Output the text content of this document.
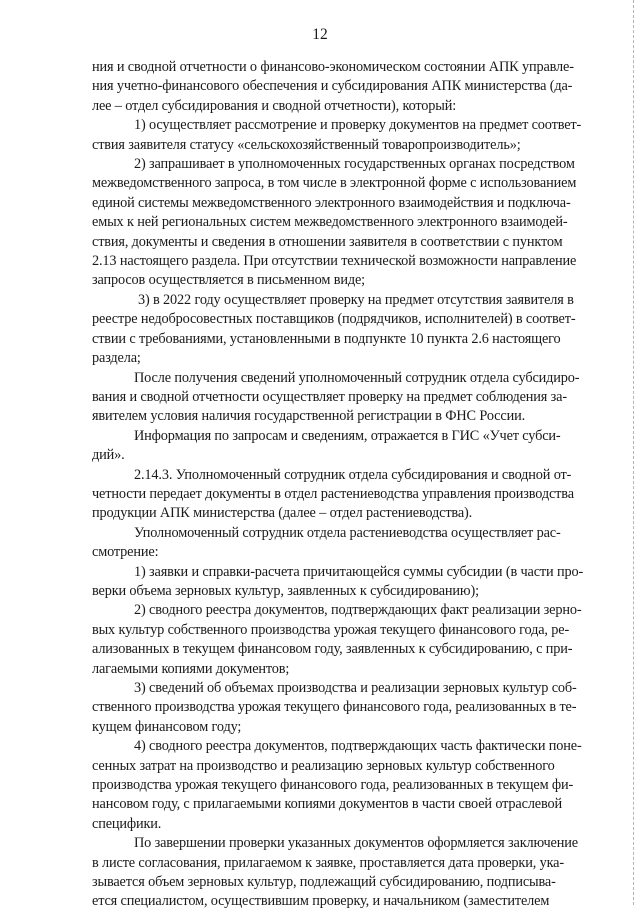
12
ния и сводной отчетности о финансово-экономическом состоянии АПК управле-
ния учетно-финансового обеспечения и субсидирования АПК министерства (да-
лее – отдел субсидирования и сводной отчетности), который:
1) осуществляет рассмотрение и проверку документов на предмет соответ-
ствия заявителя статусу «сельскохозяйственный товаропроизводитель»;
2) запрашивает в уполномоченных государственных органах посредством
межведомственного запроса, в том числе в электронной форме с использованием
единой системы межведомственного электронного взаимодействия и подключа-
емых к ней региональных систем межведомственного электронного взаимодей-
ствия, документы и сведения в отношении заявителя в соответствии с пунктом
2.13 настоящего раздела. При отсутствии технической возможности направление
запросов осуществляется в письменном виде;
3) в 2022 году осуществляет проверку на предмет отсутствия заявителя в
реестре недобросовестных поставщиков (подрядчиков, исполнителей) в соответ-
ствии с требованиями, установленными в подпункте 10 пункта 2.6 настоящего
раздела;
После получения сведений уполномоченный сотрудник отдела субсидиро-
вания и сводной отчетности осуществляет проверку на предмет соблюдения за-
явителем условия наличия государственной регистрации в ФНС России.
Информация по запросам и сведениям, отражается в ГИС «Учет субси-
дий».
2.14.3. Уполномоченный сотрудник отдела субсидирования и сводной от-
четности передает документы в отдел растениеводства управления производства
продукции АПК министерства (далее – отдел растениеводства).
Уполномоченный сотрудник отдела растениеводства осуществляет рас-
смотрение:
1) заявки и справки-расчета причитающейся суммы субсидии (в части про-
верки объема зерновых культур, заявленных к субсидированию);
2) сводного реестра документов, подтверждающих факт реализации зерно-
вых культур собственного производства урожая текущего финансового года, ре-
ализованных в текущем финансовом году, заявленных к субсидированию, с при-
лагаемыми копиями документов;
3) сведений об объемах производства и реализации зерновых культур соб-
ственного производства урожая текущего финансового года, реализованных в те-
кущем финансовом году;
4) сводного реестра документов, подтверждающих часть фактически поне-
сенных затрат на производство и реализацию зерновых культур собственного
производства урожая текущего финансового года, реализованных в текущем фи-
нансовом году, с прилагаемыми копиями документов в части своей отраслевой
специфики.
По завершении проверки указанных документов оформляется заключение
в листе согласования, прилагаемом к заявке, проставляется дата проверки, ука-
зывается объем зерновых культур, подлежащий субсидированию, подписыва-
ется специалистом, осуществившим проверку, и начальником (заместителем
